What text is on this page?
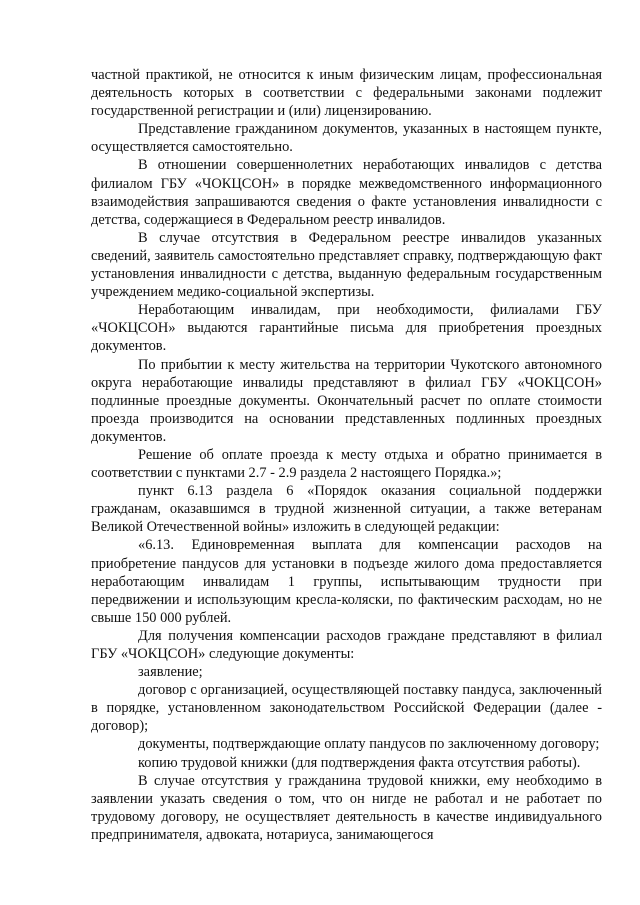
частной практикой, не относится к иным физическим лицам, профессиональная деятельность которых в соответствии с федеральными законами подлежит государственной регистрации и (или) лицензированию.

Представление гражданином документов, указанных в настоящем пункте, осуществляется самостоятельно.

В отношении совершеннолетних неработающих инвалидов с детства филиалом ГБУ «ЧОКЦСОН» в порядке межведомственного информационного взаимодействия запрашиваются сведения о факте установления инвалидности с детства, содержащиеся в Федеральном реестр инвалидов.

В случае отсутствия в Федеральном реестре инвалидов указанных сведений, заявитель самостоятельно представляет справку, подтверждающую факт установления инвалидности с детства, выданную федеральным государственным учреждением медико-социальной экспертизы.

Неработающим инвалидам, при необходимости, филиалами ГБУ «ЧОКЦСОН» выдаются гарантийные письма для приобретения проездных документов.

По прибытии к месту жительства на территории Чукотского автономного округа неработающие инвалиды представляют в филиал ГБУ «ЧОКЦСОН» подлинные проездные документы. Окончательный расчет по оплате стоимости проезда производится на основании представленных подлинных проездных документов.

Решение об оплате проезда к месту отдыха и обратно принимается в соответствии с пунктами 2.7 - 2.9 раздела 2 настоящего Порядка.»;

пункт 6.13 раздела 6 «Порядок оказания социальной поддержки гражданам, оказавшимся в трудной жизненной ситуации, а также ветеранам Великой Отечественной войны» изложить в следующей редакции:

«6.13. Единовременная выплата для компенсации расходов на приобретение пандусов для установки в подъезде жилого дома предоставляется неработающим инвалидам 1 группы, испытывающим трудности при передвижении и использующим кресла-коляски, по фактическим расходам, но не свыше 150 000 рублей.

Для получения компенсации расходов граждане представляют в филиал ГБУ «ЧОКЦСОН» следующие документы:

заявление;

договор с организацией, осуществляющей поставку пандуса, заключенный в порядке, установленном законодательством Российской Федерации (далее - договор);

документы, подтверждающие оплату пандусов по заключенному договору;

копию трудовой книжки (для подтверждения факта отсутствия работы).

В случае отсутствия у гражданина трудовой книжки, ему необходимо в заявлении указать сведения о том, что он нигде не работал и не работает по трудовому договору, не осуществляет деятельность в качестве индивидуального предпринимателя, адвоката, нотариуса, занимающегося
